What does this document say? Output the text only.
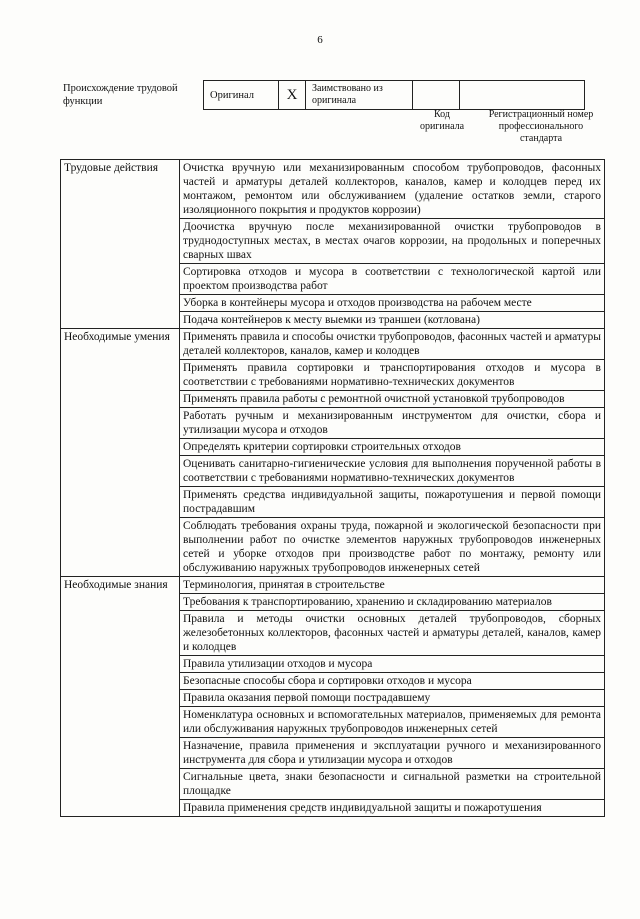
6
Происхождение трудовой функции
Оригинал	X	Заимствовано из оригинала		
Код оригинала
Регистрационный номер профессионального стандарта
Трудовые действия	Очистка вручную или механизированным способом трубопроводов, фасонных частей и арматуры деталей коллекторов, каналов, камер и колодцев перед их монтажом, ремонтом или обслуживанием (удаление остатков земли, старого изоляционного покрытия и продуктов коррозии)
	Доочистка вручную после механизированной очистки трубопроводов в труднодоступных местах, в местах очагов коррозии, на продольных и поперечных сварных швах
	Сортировка отходов и мусора в соответствии с технологической картой или проектом производства работ
	Уборка в контейнеры мусора и отходов производства на рабочем месте
	Подача контейнеров к месту выемки из траншеи (котлована)
Необходимые умения	Применять правила и способы очистки трубопроводов, фасонных частей и арматуры деталей коллекторов, каналов, камер и колодцев
	Применять правила сортировки и транспортирования отходов и мусора в соответствии с требованиями нормативно-технических документов
	Применять правила работы с ремонтной очистной установкой трубопроводов
	Работать ручным и механизированным инструментом для очистки, сбора и утилизации мусора и отходов
	Определять критерии сортировки строительных отходов
	Оценивать санитарно-гигиенические условия для выполнения порученной работы в соответствии с требованиями нормативно-технических документов
	Применять средства индивидуальной защиты, пожаротушения и первой помощи пострадавшим
	Соблюдать требования охраны труда, пожарной и экологической безопасности при выполнении работ по очистке элементов наружных трубопроводов инженерных сетей и уборке отходов при производстве работ по монтажу, ремонту или обслуживанию наружных трубопроводов инженерных сетей
Необходимые знания	Терминология, принятая в строительстве
	Требования к транспортированию, хранению и складированию материалов
	Правила и методы очистки основных деталей трубопроводов, сборных железобетонных коллекторов, фасонных частей и арматуры деталей, каналов, камер и колодцев
	Правила утилизации отходов и мусора
	Безопасные способы сбора и сортировки отходов и мусора
	Правила оказания первой помощи пострадавшему
	Номенклатура основных и вспомогательных материалов, применяемых для ремонта или обслуживания наружных трубопроводов инженерных сетей
	Назначение, правила применения и эксплуатации ручного и механизированного инструмента для сбора и утилизации мусора и отходов
	Сигнальные цвета, знаки безопасности и сигнальной разметки на строительной площадке
	Правила применения средств индивидуальной защиты и пожаротушения
